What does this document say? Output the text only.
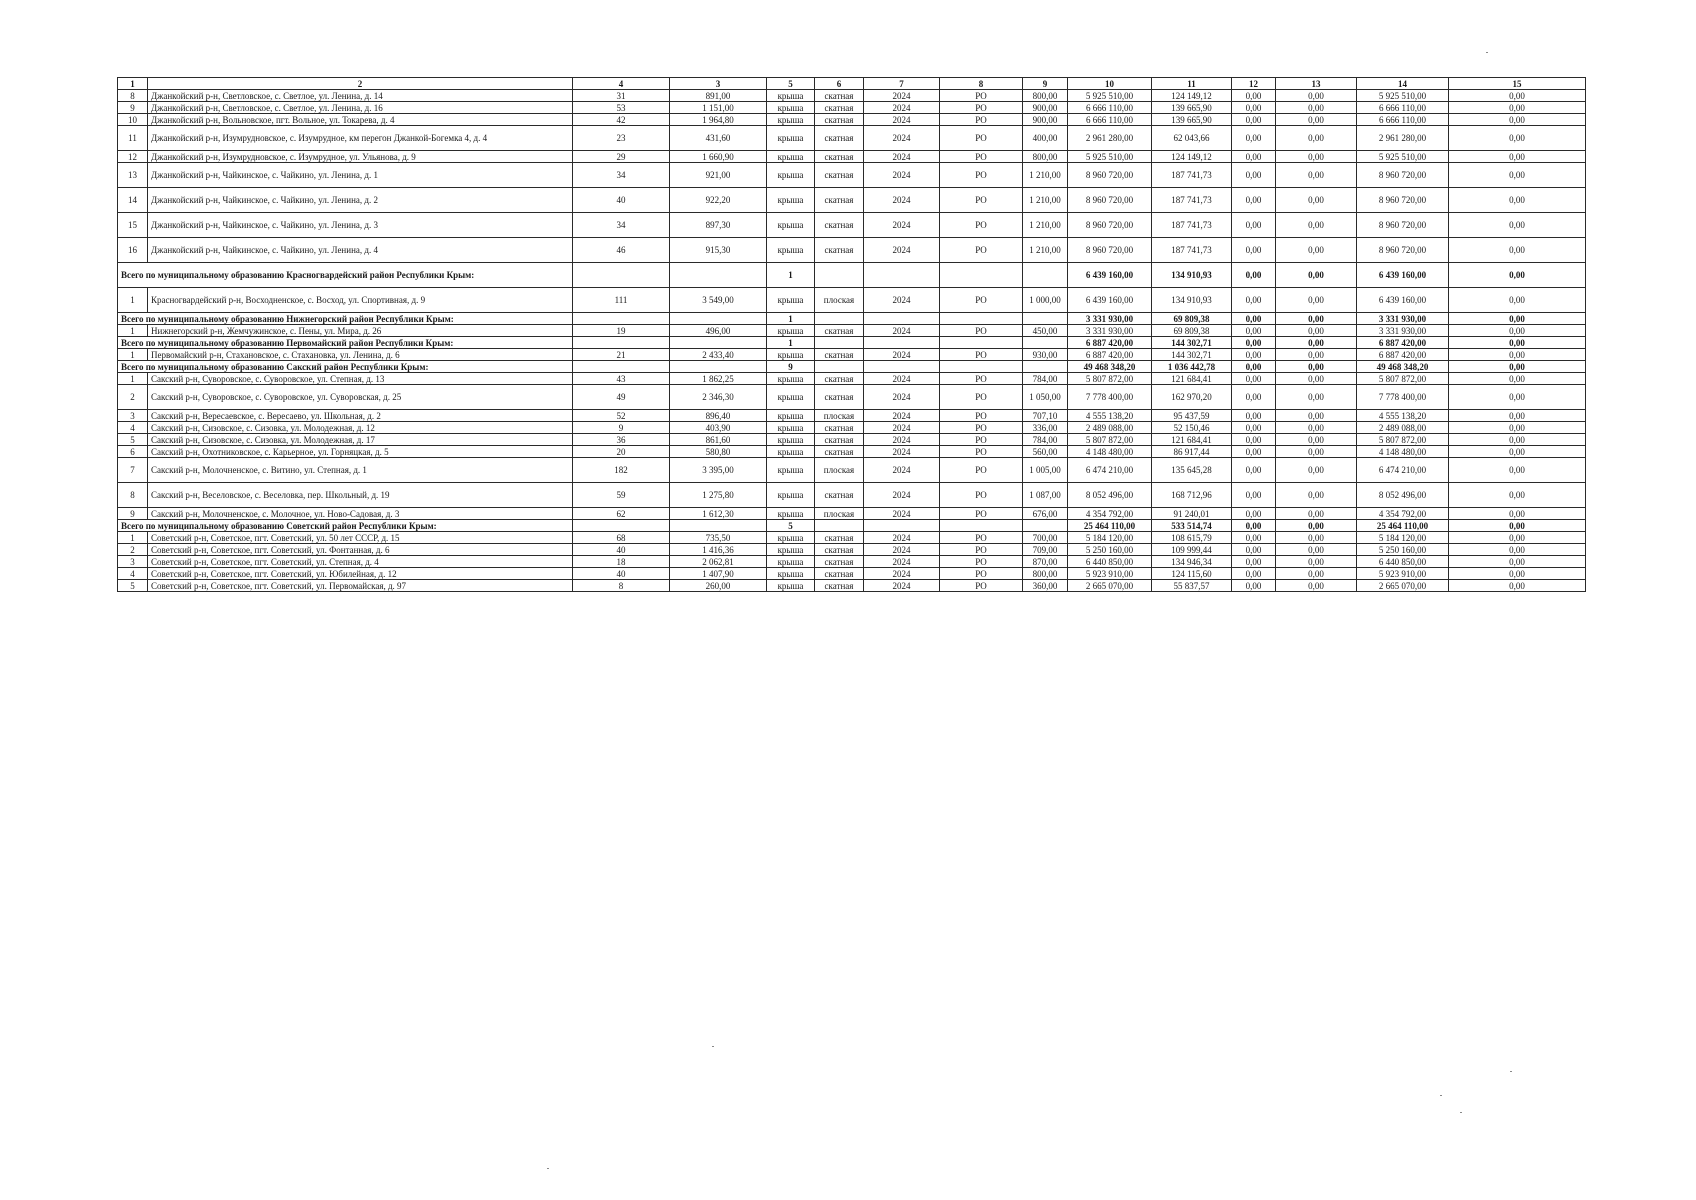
1	2	4	3	5	6	7	8	9	10	11	12	13	14	15
8	Джанкойский р-н, Светловское, с. Светлое, ул. Ленина, д. 14	31	891,00	крыша	скатная	2024	РО	800,00	5 925 510,00	124 149,12	0,00	0,00	5 925 510,00	0,00
9	Джанкойский р-н, Светловское, с. Светлое, ул. Ленина, д. 16	53	1 151,00	крыша	скатная	2024	РО	900,00	6 666 110,00	139 665,90	0,00	0,00	6 666 110,00	0,00
10	Джанкойский р-н, Вольновское, пгт. Вольное, ул. Токарева, д. 4	42	1 964,80	крыша	скатная	2024	РО	900,00	6 666 110,00	139 665,90	0,00	0,00	6 666 110,00	0,00
11	Джанкойский р-н, Изумрудновское, с. Изумрудное, км перегон Джанкой-Богемка 4, д. 4	23	431,60	крыша	скатная	2024	РО	400,00	2 961 280,00	62 043,66	0,00	0,00	2 961 280,00	0,00
12	Джанкойский р-н, Изумрудновское, с. Изумрудное, ул. Ульянова, д. 9	29	1 660,90	крыша	скатная	2024	РО	800,00	5 925 510,00	124 149,12	0,00	0,00	5 925 510,00	0,00
13	Джанкойский р-н, Чайкинское, с. Чайкино, ул. Ленина, д. 1	34	921,00	крыша	скатная	2024	РО	1 210,00	8 960 720,00	187 741,73	0,00	0,00	8 960 720,00	0,00
14	Джанкойский р-н, Чайкинское, с. Чайкино, ул. Ленина, д. 2	40	922,20	крыша	скатная	2024	РО	1 210,00	8 960 720,00	187 741,73	0,00	0,00	8 960 720,00	0,00
15	Джанкойский р-н, Чайкинское, с. Чайкино, ул. Ленина, д. 3	34	897,30	крыша	скатная	2024	РО	1 210,00	8 960 720,00	187 741,73	0,00	0,00	8 960 720,00	0,00
16	Джанкойский р-н, Чайкинское, с. Чайкино, ул. Ленина, д. 4	46	915,30	крыша	скатная	2024	РО	1 210,00	8 960 720,00	187 741,73	0,00	0,00	8 960 720,00	0,00
Всего по муниципальному образованию Красногвардейский район Республики Крым:				1					6 439 160,00	134 910,93	0,00	0,00	6 439 160,00	0,00
1	Красногвардейский р-н, Восходненское, с. Восход, ул. Спортивная, д. 9	111	3 549,00	крыша	плоская	2024	РО	1 000,00	6 439 160,00	134 910,93	0,00	0,00	6 439 160,00	0,00
Всего по муниципальному образованию Нижнегорский район Республики Крым:				1					3 331 930,00	69 809,38	0,00	0,00	3 331 930,00	0,00
1	Нижнегорский р-н, Жемчужинское, с. Пены, ул. Мира, д. 26	19	496,00	крыша	скатная	2024	РО	450,00	3 331 930,00	69 809,38	0,00	0,00	3 331 930,00	0,00
Всего по муниципальному образованию Первомайский район Республики Крым:				1					6 887 420,00	144 302,71	0,00	0,00	6 887 420,00	0,00
1	Первомайский р-н, Стахановское, с. Стахановка, ул. Ленина, д. 6	21	2 433,40	крыша	скатная	2024	РО	930,00	6 887 420,00	144 302,71	0,00	0,00	6 887 420,00	0,00
Всего по муниципальному образованию Сакский район Республики Крым:				9					49 468 348,20	1 036 442,78	0,00	0,00	49 468 348,20	0,00
1	Сакский р-н, Суворовское, с. Суворовское, ул. Степная, д. 13	43	1 862,25	крыша	скатная	2024	РО	784,00	5 807 872,00	121 684,41	0,00	0,00	5 807 872,00	0,00
2	Сакский р-н, Суворовское, с. Суворовское, ул. Суворовская, д. 25	49	2 346,30	крыша	скатная	2024	РО	1 050,00	7 778 400,00	162 970,20	0,00	0,00	7 778 400,00	0,00
3	Сакский р-н, Вересаевское, с. Вересаево, ул. Школьная, д. 2	52	896,40	крыша	плоская	2024	РО	707,10	4 555 138,20	95 437,59	0,00	0,00	4 555 138,20	0,00
4	Сакский р-н, Сизовское, с. Сизовка, ул. Молодежная, д. 12	9	403,90	крыша	скатная	2024	РО	336,00	2 489 088,00	52 150,46	0,00	0,00	2 489 088,00	0,00
5	Сакский р-н, Сизовское, с. Сизовка, ул. Молодежная, д. 17	36	861,60	крыша	скатная	2024	РО	784,00	5 807 872,00	121 684,41	0,00	0,00	5 807 872,00	0,00
6	Сакский р-н, Охотниковское, с. Карьерное, ул. Горняцкая, д. 5	20	580,80	крыша	скатная	2024	РО	560,00	4 148 480,00	86 917,44	0,00	0,00	4 148 480,00	0,00
7	Сакский р-н, Молочненское, с. Витино, ул. Степная, д. 1	182	3 395,00	крыша	плоская	2024	РО	1 005,00	6 474 210,00	135 645,28	0,00	0,00	6 474 210,00	0,00
8	Сакский р-н, Веселовское, с. Веселовка, пер. Школьный, д. 19	59	1 275,80	крыша	скатная	2024	РО	1 087,00	8 052 496,00	168 712,96	0,00	0,00	8 052 496,00	0,00
9	Сакский р-н, Молочненское, с. Молочное, ул. Ново-Садовая, д. 3	62	1 612,30	крыша	плоская	2024	РО	676,00	4 354 792,00	91 240,01	0,00	0,00	4 354 792,00	0,00
Всего по муниципальному образованию Советский район Республики Крым:				5					25 464 110,00	533 514,74	0,00	0,00	25 464 110,00	0,00
1	Советский р-н, Советское, пгт. Советский, ул. 50 лет СССР, д. 15	68	735,50	крыша	скатная	2024	РО	700,00	5 184 120,00	108 615,79	0,00	0,00	5 184 120,00	0,00
2	Советский р-н, Советское, пгт. Советский, ул. Фонтанная, д. 6	40	1 416,36	крыша	скатная	2024	РО	709,00	5 250 160,00	109 999,44	0,00	0,00	5 250 160,00	0,00
3	Советский р-н, Советское, пгт. Советский, ул. Степная, д. 4	18	2 062,81	крыша	скатная	2024	РО	870,00	6 440 850,00	134 946,34	0,00	0,00	6 440 850,00	0,00
4	Советский р-н, Советское, пгт. Советский, ул. Юбилейная, д. 12	40	1 407,90	крыша	скатная	2024	РО	800,00	5 923 910,00	124 115,60	0,00	0,00	5 923 910,00	0,00
5	Советский р-н, Советское, пгт. Советский, ул. Первомайская, д. 97	8	260,00	крыша	скатная	2024	РО	360,00	2 665 070,00	55 837,57	0,00	0,00	2 665 070,00	0,00
